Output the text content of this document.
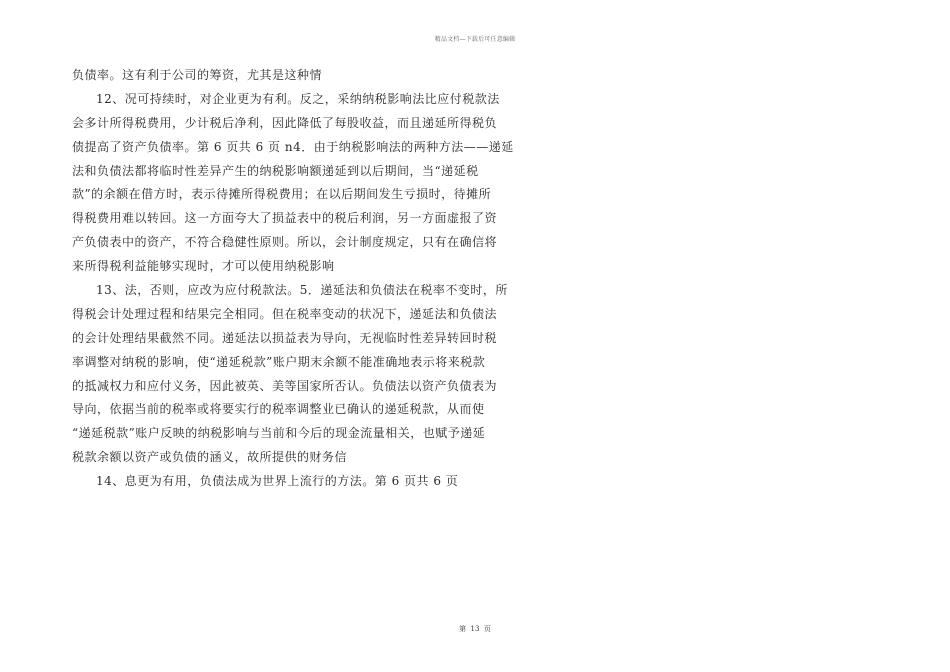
精品文档—下载后可任意编辑
负债率。这有利于公司的筹资，尤其是这种情
12、况可持续时，对企业更为有利。反之，采纳纳税影响法比应付税款法
会多计所得税费用，少计税后净利，因此降低了每股收益，而且递延所得税负
债提高了资产负债率。第 6 页共 6 页 n4．由于纳税影响法的两种方法——递延
法和负债法都将临时性差异产生的纳税影响额递延到以后期间，当“递延税
款”的余额在借方时，表示待摊所得税费用；在以后期间发生亏损时，待摊所
得税费用难以转回。这一方面夸大了损益表中的税后利润，另一方面虚报了资
产负债表中的资产，不符合稳健性原则。所以，会计制度规定，只有在确信将
来所得税利益能够实现时，才可以使用纳税影响
13、法，否则，应改为应付税款法。5．递延法和负债法在税率不变时，所
得税会计处理过程和结果完全相同。但在税率变动的状况下，递延法和负债法
的会计处理结果截然不同。递延法以损益表为导向，无视临时性差异转回时税
率调整对纳税的影响，使“递延税款”账户期末余额不能准确地表示将来税款
的抵减权力和应付义务，因此被英、美等国家所否认。负债法以资产负债表为
导向，依据当前的税率或将要实行的税率调整业已确认的递延税款，从而使
“递延税款”账户反映的纳税影响与当前和今后的现金流量相关，也赋予递延
税款余额以资产或负债的涵义，故所提供的财务信
14、息更为有用，负债法成为世界上流行的方法。第 6 页共 6 页
第  13  页
